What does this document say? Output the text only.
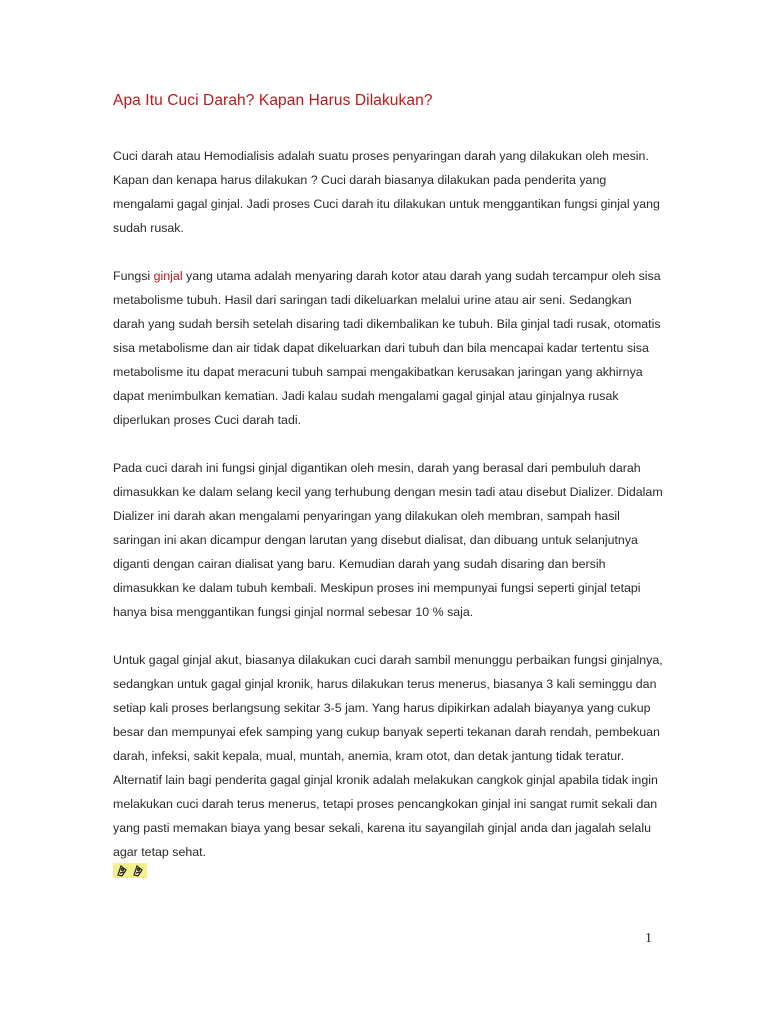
Apa Itu Cuci Darah? Kapan Harus Dilakukan?

Cuci darah atau Hemodialisis adalah suatu proses penyaringan darah yang dilakukan oleh mesin. Kapan dan kenapa harus dilakukan ? Cuci darah biasanya dilakukan pada penderita yang mengalami gagal ginjal. Jadi proses Cuci darah itu dilakukan untuk menggantikan fungsi ginjal yang sudah rusak.

Fungsi ginjal yang utama adalah menyaring darah kotor atau darah yang sudah tercampur oleh sisa metabolisme tubuh. Hasil dari saringan tadi dikeluarkan melalui urine atau air seni. Sedangkan darah yang sudah bersih setelah disaring tadi dikembalikan ke tubuh. Bila ginjal tadi rusak, otomatis sisa metabolisme dan air tidak dapat dikeluarkan dari tubuh dan bila mencapai kadar tertentu sisa metabolisme itu dapat meracuni tubuh sampai mengakibatkan kerusakan jaringan yang akhirnya dapat menimbulkan kematian. Jadi kalau sudah mengalami gagal ginjal atau ginjalnya rusak diperlukan proses Cuci darah tadi.

Pada cuci darah ini fungsi ginjal digantikan oleh mesin, darah yang berasal dari pembuluh darah dimasukkan ke dalam selang kecil yang terhubung dengan mesin tadi atau disebut Dializer. Didalam Dializer ini darah akan mengalami penyaringan yang dilakukan oleh membran, sampah hasil saringan ini akan dicampur dengan larutan yang disebut dialisat, dan dibuang untuk selanjutnya diganti dengan cairan dialisat yang baru. Kemudian darah yang sudah disaring dan bersih dimasukkan ke dalam tubuh kembali. Meskipun proses ini mempunyai fungsi seperti ginjal tetapi hanya bisa menggantikan fungsi ginjal normal sebesar 10 % saja.

Untuk gagal ginjal akut, biasanya dilakukan cuci darah sambil menunggu perbaikan fungsi ginjalnya, sedangkan untuk gagal ginjal kronik, harus dilakukan terus menerus, biasanya 3 kali seminggu dan setiap kali proses berlangsung sekitar 3-5 jam. Yang harus dipikirkan adalah biayanya yang cukup besar dan mempunyai efek samping yang cukup banyak seperti tekanan darah rendah, pembekuan darah, infeksi, sakit kepala, mual, muntah, anemia, kram otot, dan detak jantung tidak teratur. Alternatif lain bagi penderita gagal ginjal kronik adalah melakukan cangkok ginjal apabila tidak ingin melakukan cuci darah terus menerus, tetapi proses pencangkokan ginjal ini sangat rumit sekali dan yang pasti memakan biaya yang besar sekali, karena itu sayangilah ginjal anda dan jagalah selalu agar tetap sehat.

1
